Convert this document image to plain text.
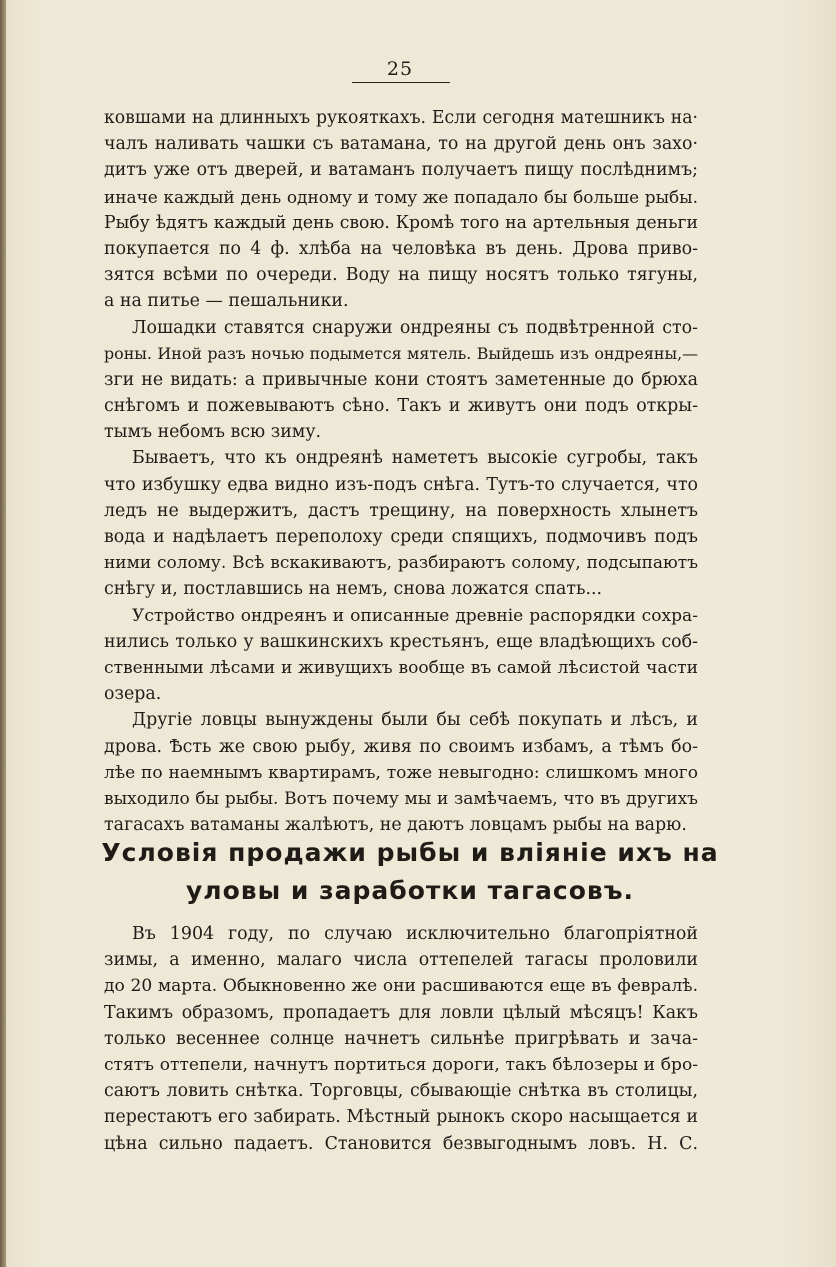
25
ковшами на длинныхъ рукояткахъ. Если сегодня матешникъ на·
чалъ наливать чашки съ ватамана, то на другой день онъ захо·
дитъ уже отъ дверей, и ватаманъ получаетъ пищу послѣднимъ;
иначе каждый день одному и тому же попадало бы больше рыбы.
Рыбу ѣдятъ каждый день свою. Кромѣ того на артельныя деньги
покупается по 4 ф. хлѣба на человѣка въ день. Дрова приво-
зятся всѣми по очереди. Воду на пищу носятъ только тягуны,
а на питье — пешальники.
Лошадки ставятся снаружи ондреяны съ подвѣтренной сто-
роны. Иной разъ ночью подымется мятель. Выйдешь изъ ондреяны,—
зги не видать: а привычные кони стоятъ заметенные до брюха
снѣгомъ и пожевываютъ сѣно. Такъ и живутъ они подъ откры-
тымъ небомъ всю зиму.
Бываетъ, что къ ондреянѣ намететъ высокіе сугробы, такъ
что избушку едва видно изъ-подъ снѣга. Тутъ-то случается, что
ледъ не выдержитъ, дастъ трещину, на поверхность хлынетъ
вода и надѣлаетъ переполоху среди спящихъ, подмочивъ подъ
ними солому. Всѣ вскакиваютъ, разбираютъ солому, подсыпаютъ
снѣгу и, постлавшись на немъ, снова ложатся спать...
Устройство ондреянъ и описанные древніе распорядки сохра-
нились только у вашкинскихъ крестьянъ, еще владѣющихъ соб-
ственными лѣсами и живущихъ вообще въ самой лѣсистой части
озера.
Другіе ловцы вынуждены были бы себѣ покупать и лѣсъ, и
дрова. Ѣсть же свою рыбу, живя по своимъ избамъ, а тѣмъ бо-
лѣе по наемнымъ квартирамъ, тоже невыгодно: слишкомъ много
выходило бы рыбы. Вотъ почему мы и замѣчаемъ, что въ другихъ
тагасахъ ватаманы жалѣютъ, не даютъ ловцамъ рыбы на варю.
Условія продажи рыбы и вліяніе ихъ на
уловы и заработки тагасовъ.
Въ 1904 году, по случаю исключительно благопріятной
зимы, а именно, малаго числа оттепелей тагасы проловили
до 20 марта. Обыкновенно же они расшиваются еще въ февралѣ.
Такимъ образомъ, пропадаетъ для ловли цѣлый мѣсяцъ! Какъ
только весеннее солнце начнетъ сильнѣе пригрѣвать и зача-
стятъ оттепели, начнутъ портиться дороги, такъ бѣлозеры и бро-
саютъ ловить снѣтка. Торговцы, сбывающіе снѣтка въ столицы,
перестаютъ его забирать. Мѣстный рынокъ скоро насыщается и
цѣна сильно падаетъ. Становится безвыгоднымъ ловъ. Н. С.
